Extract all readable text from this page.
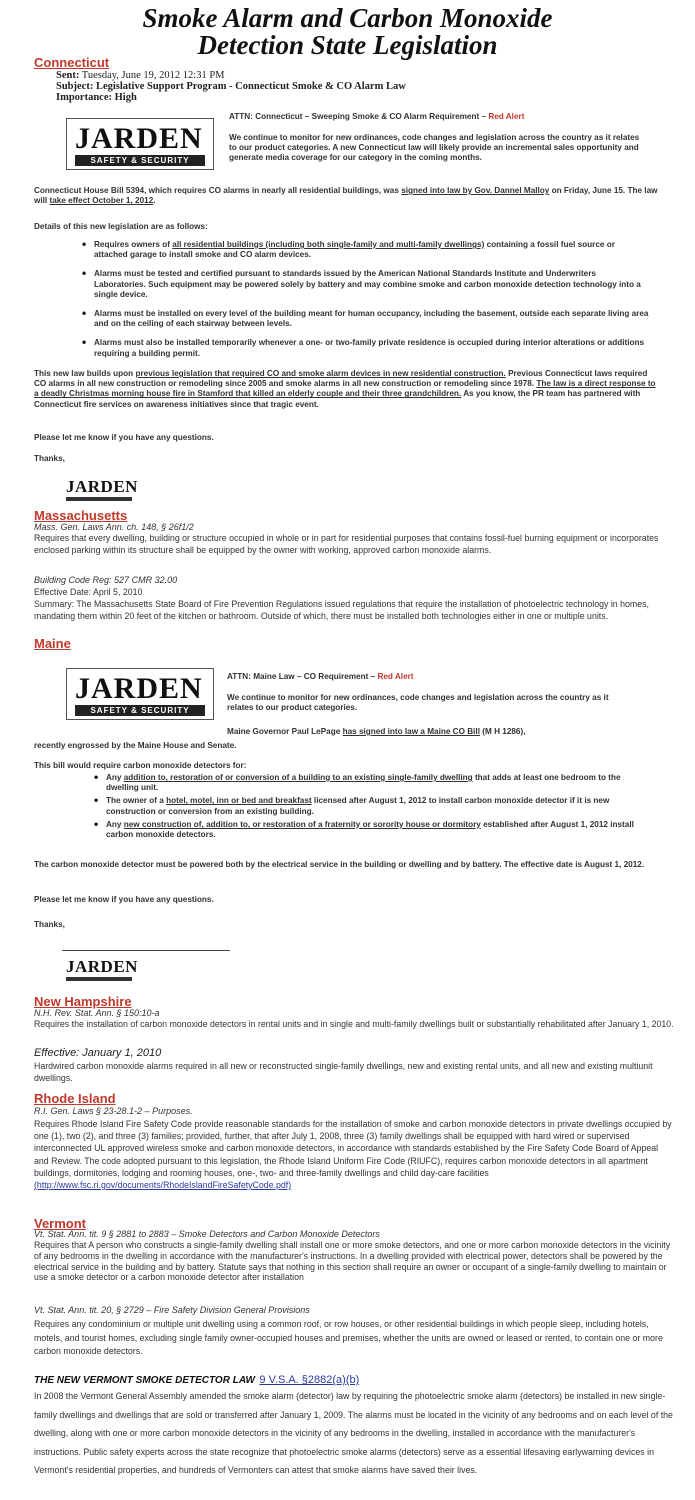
Smoke Alarm and Carbon Monoxide
Detection State Legislation
Connecticut
Sent: Tuesday, June 19, 2012 12:31 PM
Subject: Legislative Support Program - Connecticut Smoke & CO Alarm Law
Importance: High
JARDEN
SAFETY & SECURITY
ATTN: Connecticut – Sweeping Smoke & CO Alarm Requirement – Red Alert
We continue to monitor for new ordinances, code changes and legislation across the country as it relates to our product categories. A new Connecticut law will likely provide an incremental sales opportunity and generate media coverage for our category in the coming months.
Connecticut House Bill 5394, which requires CO alarms in nearly all residential buildings, was signed into law by Gov. Dannel Malloy on Friday, June 15. The law will take effect October 1, 2012.
Details of this new legislation are as follows:
• Requires owners of all residential buildings (including both single-family and multi-family dwellings) containing a fossil fuel source or attached garage to install smoke and CO alarm devices.
• Alarms must be tested and certified pursuant to standards issued by the American National Standards Institute and Underwriters Laboratories. Such equipment may be powered solely by battery and may combine smoke and carbon monoxide detection technology into a single device.
• Alarms must be installed on every level of the building meant for human occupancy, including the basement, outside each separate living area and on the ceiling of each stairway between levels.
• Alarms must also be installed temporarily whenever a one- or two-family private residence is occupied during interior alterations or additions requiring a building permit.
This new law builds upon previous legislation that required CO and smoke alarm devices in new residential construction. Previous Connecticut laws required CO alarms in all new construction or remodeling since 2005 and smoke alarms in all new construction or remodeling since 1978. The law is a direct response to a deadly Christmas morning house fire in Stamford that killed an elderly couple and their three grandchildren. As you know, the PR team has partnered with Connecticut fire services on awareness initiatives since that tragic event.
Please let me know if you have any questions.
Thanks,
JARDEN
Massachusetts
Mass. Gen. Laws Ann. ch. 148, § 26f1/2
Requires that every dwelling, building or structure occupied in whole or in part for residential purposes that contains fossil-fuel burning equipment or incorporates enclosed parking within its structure shall be equipped by the owner with working, approved carbon monoxide alarms.
Building Code Reg: 527 CMR 32.00
Effective Date: April 5, 2010
Summary: The Massachusetts State Board of Fire Prevention Regulations issued regulations that require the installation of photoelectric technology in homes, mandating them within 20 feet of the kitchen or bathroom. Outside of which, there must be installed both technologies either in one or multiple units.
Maine
JARDEN
SAFETY & SECURITY
ATTN: Maine Law – CO Requirement – Red Alert
We continue to monitor for new ordinances, code changes and legislation across the country as it relates to our product categories.
Maine Governor Paul LePage has signed into law a Maine CO Bill (M H 1286),
recently engrossed by the Maine House and Senate.
This bill would require carbon monoxide detectors for:
• Any addition to, restoration of or conversion of a building to an existing single-family dwelling that adds at least one bedroom to the dwelling unit.
• The owner of a hotel, motel, inn or bed and breakfast licensed after August 1, 2012 to install carbon monoxide detector if it is new construction or conversion from an existing building.
• Any new construction of, addition to, or restoration of a fraternity or sorority house or dormitory established after August 1, 2012 install carbon monoxide detectors.
The carbon monoxide detector must be powered both by the electrical service in the building or dwelling and by battery. The effective date is August 1, 2012.
Please let me know if you have any questions.
Thanks,
JARDEN
New Hampshire
N.H. Rev. Stat. Ann. § 150:10-a
Requires the installation of carbon monoxide detectors in rental units and in single and multi-family dwellings built or substantially rehabilitated after January 1, 2010.
Effective: January 1, 2010
Hardwired carbon monoxide alarms required in all new or reconstructed single-family dwellings, new and existing rental units, and all new and existing multiunit dwellings.
Rhode Island
R.I. Gen. Laws § 23-28.1-2 – Purposes.
Requires Rhode Island Fire Safety Code provide reasonable standards for the installation of smoke and carbon monoxide detectors in private dwellings occupied by one (1), two (2), and three (3) families; provided, further, that after July 1, 2008, three (3) family dwellings shall be equipped with hard wired or supervised interconnected UL approved wireless smoke and carbon monoxide detectors, in accordance with standards established by the Fire Safety Code Board of Appeal and Review. The code adopted pursuant to this legislation, the Rhode Island Uniform Fire Code (RIUFC), requires carbon monoxide detectors in all apartment buildings, dormitories, lodging and rooming houses, one-, two- and three-family dwellings and child day-care facilities (http://www.fsc.ri.gov/documents/RhodeIslandFireSafetyCode.pdf)
Vermont
Vt. Stat. Ann. tit. 9 § 2881 to 2883 – Smoke Detectors and Carbon Monoxide Detectors
Requires that A person who constructs a single-family dwelling shall install one or more smoke detectors, and one or more carbon monoxide detectors in the vicinity of any bedrooms in the dwelling in accordance with the manufacturer's instructions. In a dwelling provided with electrical power, detectors shall be powered by the electrical service in the building and by battery. Statute says that nothing in this section shall require an owner or occupant of a single-family dwelling to maintain or use a smoke detector or a carbon monoxide detector after installation
Vt. Stat. Ann. tit. 20, § 2729 – Fire Safety Division General Provisions
Requires any condominium or multiple unit dwelling using a common roof, or row houses, or other residential buildings in which people sleep, including hotels, motels, and tourist homes, excluding single family owner-occupied houses and premises, whether the units are owned or leased or rented, to contain one or more carbon monoxide detectors.
THE NEW VERMONT SMOKE DETECTOR LAW 9 V.S.A. §2882(a)(b)
In 2008 the Vermont General Assembly amended the smoke alarm (detector) law by requiring the photoelectric smoke alarm (detectors) be installed in new single-family dwellings and dwellings that are sold or transferred after January 1, 2009. The alarms must be located in the vicinity of any bedrooms and on each level of the dwelling, along with one or more carbon monoxide detectors in the vicinity of any bedrooms in the dwelling, installed in accordance with the manufacturer's instructions. Public safety experts across the state recognize that photoelectric smoke alarms (detectors) serve as a essential lifesaving earlywarning devices in Vermont's residential properties, and hundreds of Vermonters can attest that smoke alarms have saved their lives.
